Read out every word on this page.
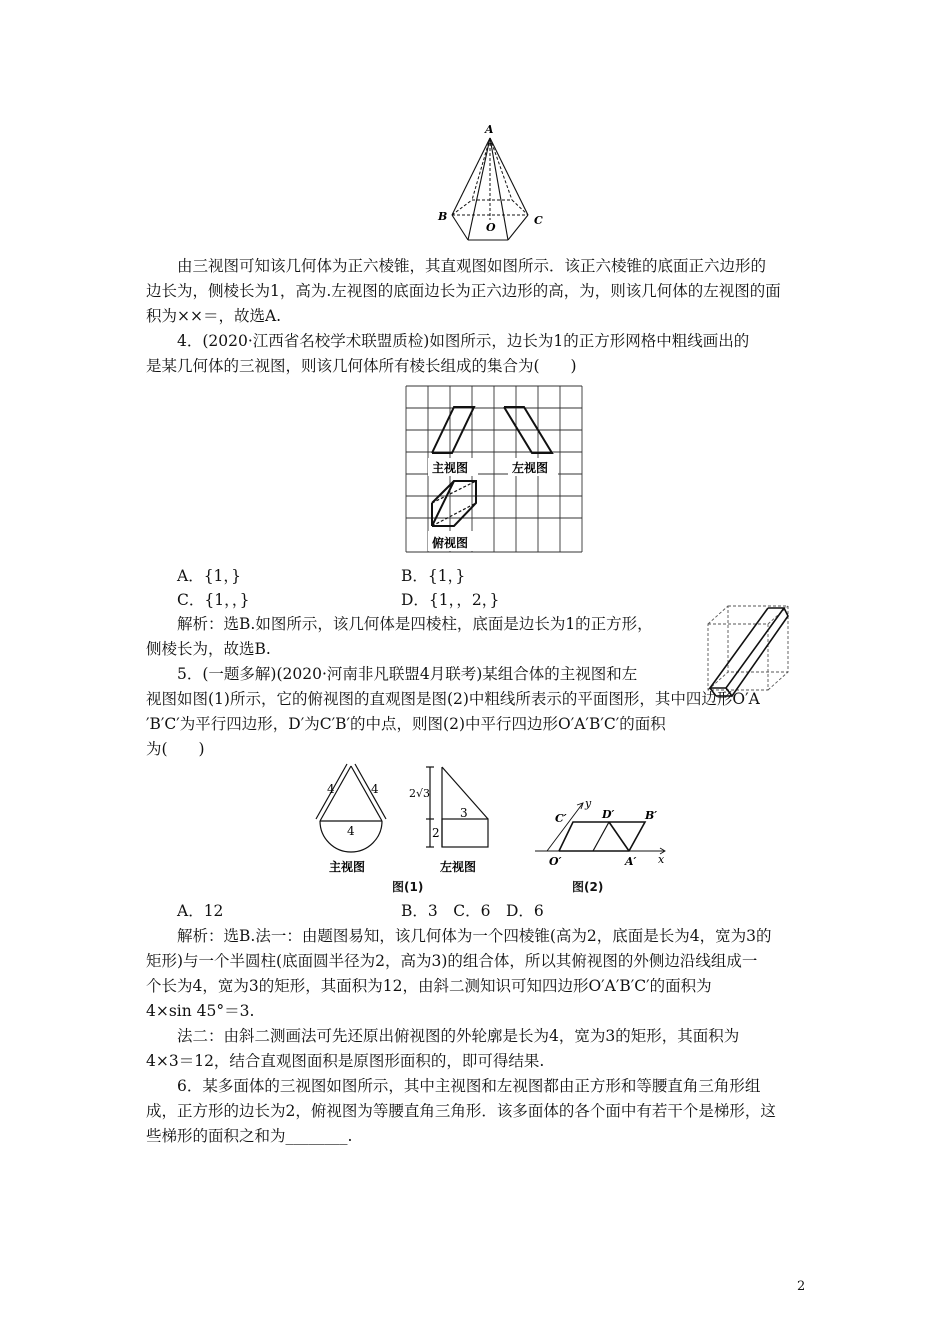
A
B	C
O
由三视图可知该几何体为正六棱锥，其直观图如图所示．该正六棱锥的底面正六边形的
边长为，侧棱长为1，高为.左视图的底面边长为正六边形的高，为，则该几何体的左视图的面
积为××＝，故选A.
4．(2020·江西省名校学术联盟质检)如图所示，边长为1的正方形网格中粗线画出的
是某几何体的三视图，则该几何体所有棱长组成的集合为(　　)
主视图	左视图
俯视图
A．{1，}	B．{1，}
C．{1，，}	D．{1，，2，}
解析：选B.如图所示，该几何体是四棱柱，底面是边长为1的正方形，
侧棱长为，故选B.
5．(一题多解)(2020·河南非凡联盟4月联考)某组合体的主视图和左
视图如图(1)所示，它的俯视图的直观图是图(2)中粗线所表示的平面图形，其中四边形O′A
′B′C′为平行四边形，D′为C′B′的中点，则图(2)中平行四边形O′A′B′C′的面积
为(　　)
4	4
4
主视图
2√3
3
2
左视图
图(1)
y
x
C′	D′	B′
O′	A′
图(2)
A．12	B．3　C．6　D．6
解析：选B.法一：由题图易知，该几何体为一个四棱锥(高为2，底面是长为4，宽为3的
矩形)与一个半圆柱(底面圆半径为2，高为3)的组合体，所以其俯视图的外侧边沿线组成一
个长为4，宽为3的矩形，其面积为12，由斜二测知识可知四边形O′A′B′C′的面积为
4×sin 45°＝3.
法二：由斜二测画法可先还原出俯视图的外轮廓是长为4，宽为3的矩形，其面积为
4×3＝12，结合直观图面积是原图形面积的，即可得结果.
6．某多面体的三视图如图所示，其中主视图和左视图都由正方形和等腰直角三角形组
成，正方形的边长为2，俯视图为等腰直角三角形．该多面体的各个面中有若干个是梯形，这
些梯形的面积之和为________.
2
